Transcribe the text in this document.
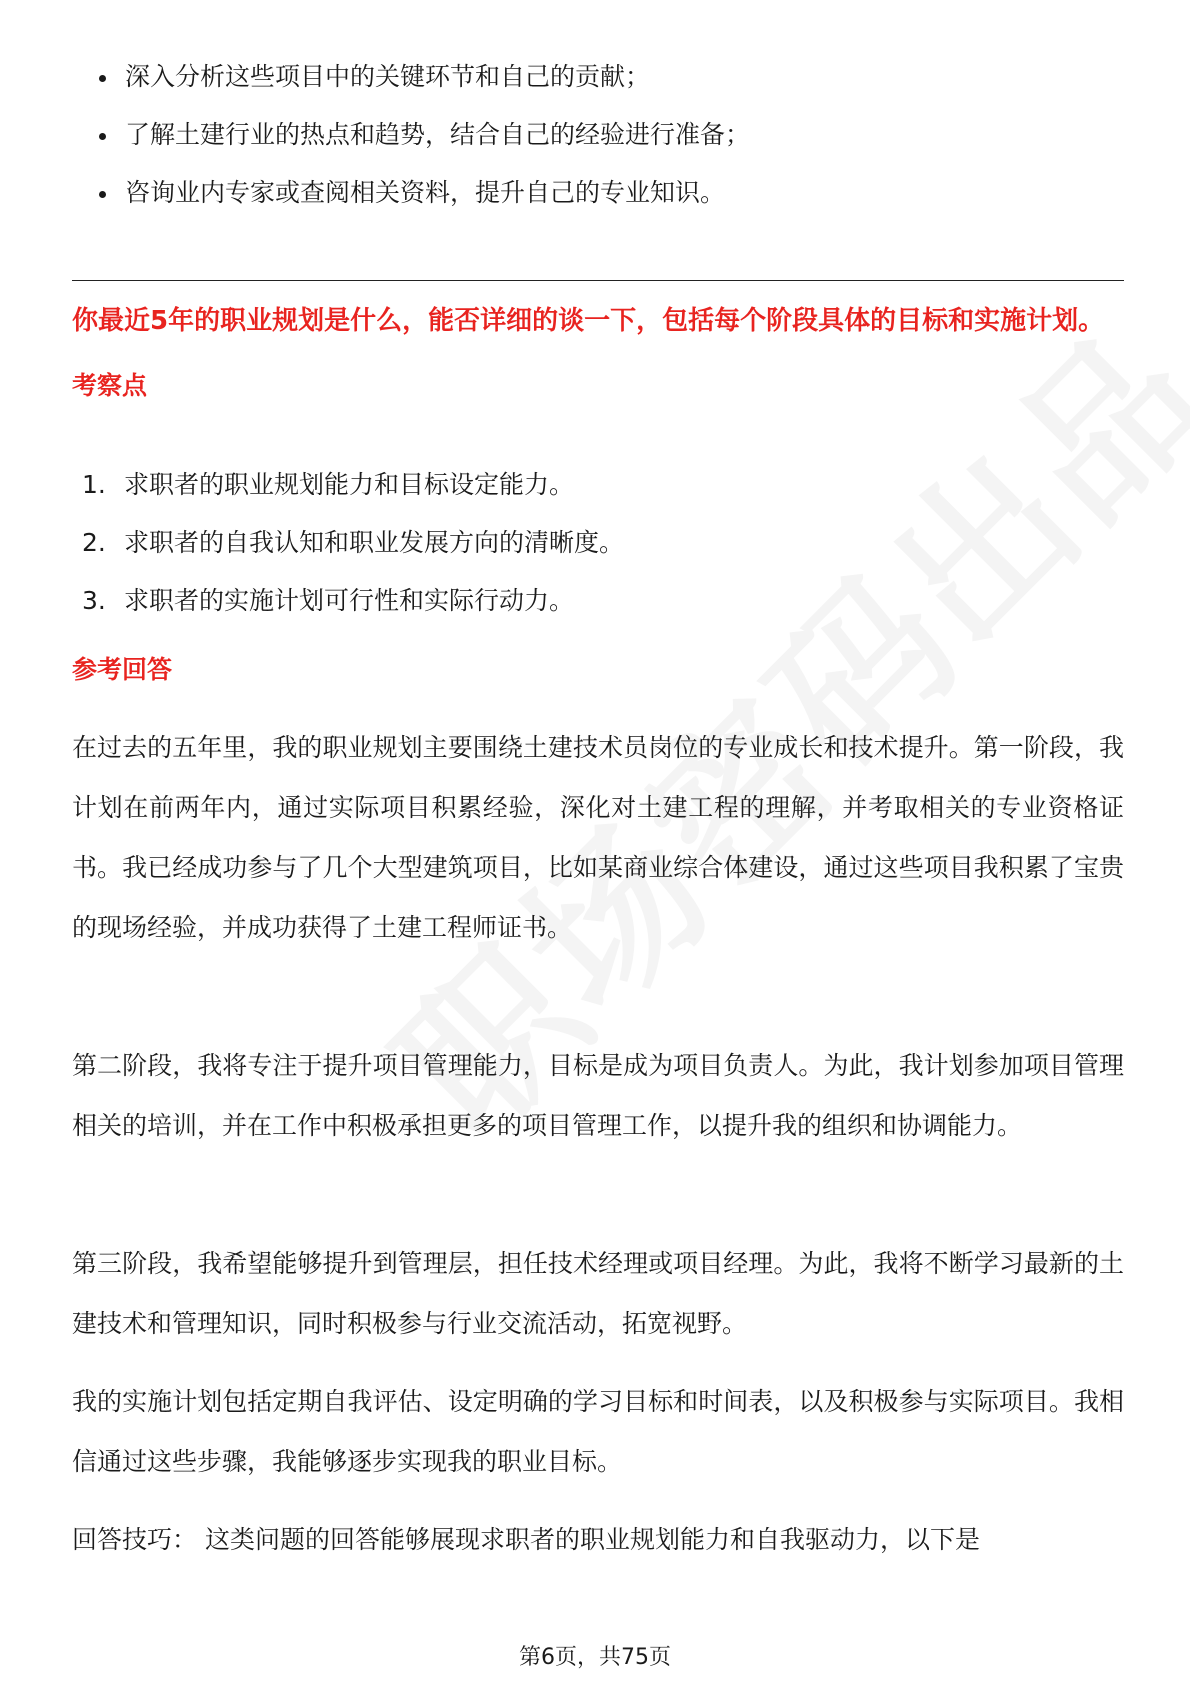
深入分析这些项目中的关键环节和自己的贡献；
了解土建行业的热点和趋势，结合自己的经验进行准备；
咨询业内专家或查阅相关资料，提升自己的专业知识。

你最近5年的职业规划是什么，能否详细的谈一下，包括每个阶段具体的目标和实施计划。

考察点

1. 求职者的职业规划能力和目标设定能力。
2. 求职者的自我认知和职业发展方向的清晰度。
3. 求职者的实施计划可行性和实际行动力。

参考回答

在过去的五年里，我的职业规划主要围绕土建技术员岗位的专业成长和技术提升。第一阶段，我计划在前两年内，通过实际项目积累经验，深化对土建工程的理解，并考取相关的专业资格证书。我已经成功参与了几个大型建筑项目，比如某商业综合体建设，通过这些项目我积累了宝贵的现场经验，并成功获得了土建工程师证书。

第二阶段，我将专注于提升项目管理能力，目标是成为项目负责人。为此，我计划参加项目管理相关的培训，并在工作中积极承担更多的项目管理工作，以提升我的组织和协调能力。

第三阶段，我希望能够提升到管理层，担任技术经理或项目经理。为此，我将不断学习最新的土建技术和管理知识，同时积极参与行业交流活动，拓宽视野。

我的实施计划包括定期自我评估、设定明确的学习目标和时间表，以及积极参与实际项目。我相信通过这些步骤，我能够逐步实现我的职业目标。

回答技巧： 这类问题的回答能够展现求职者的职业规划能力和自我驱动力，以下是

第6页，共75页
